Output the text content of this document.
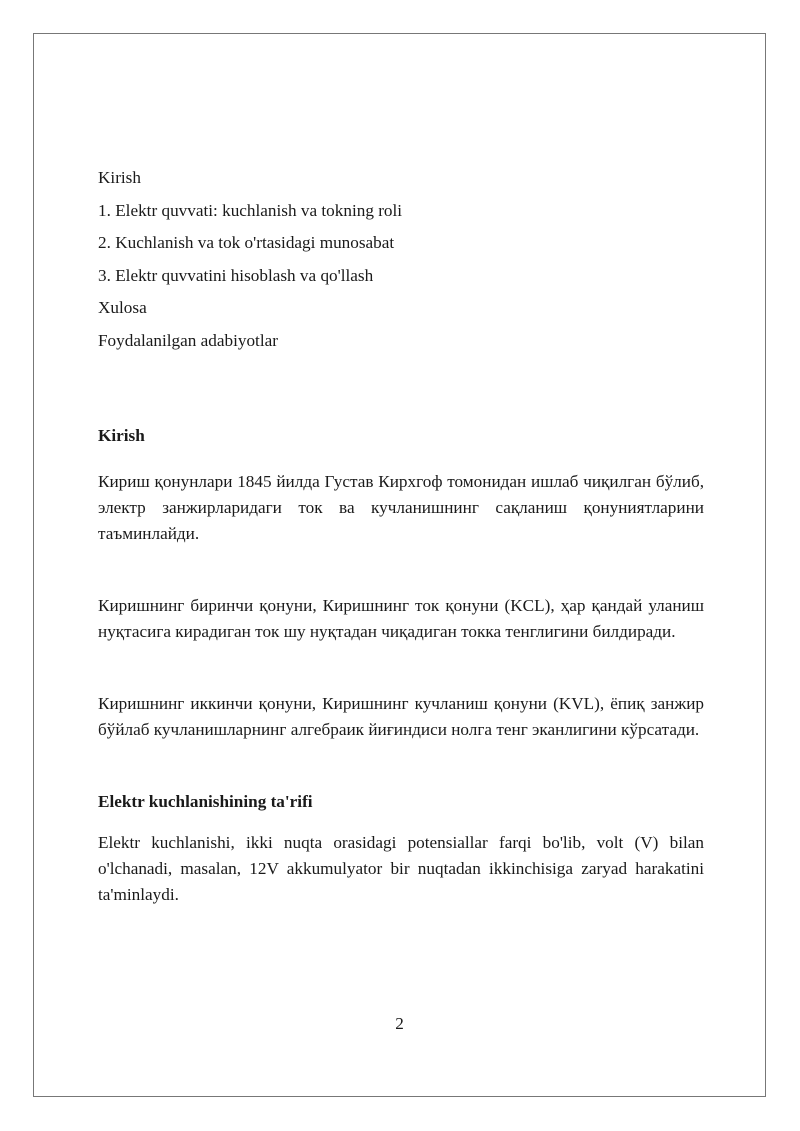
Kirish
1. Elektr quvvati: kuchlanish va tokning roli
2. Kuchlanish va tok o'rtasidagi munosabat
3. Elektr quvvatini hisoblash va qo'llash
Xulosa
Foydalanilgan adabiyotlar
Kirish
Кириш қонунлари 1845 йилда Густав Кирхгоф томонидан ишлаб чиқилган бўлиб, электр занжирларидаги ток ва кучланишнинг сақланиш қонуниятларини таъминлайди.
Киришнинг биринчи қонуни, Киришнинг ток қонуни (KCL), ҳар қандай уланиш нуқтасига кирадиган ток шу нуқтадан чиқадиган токка тенглигини билдиради.
Киришнинг иккинчи қонуни, Киришнинг кучланиш қонуни (KVL), ёпиқ занжир бўйлаб кучланишларнинг алгебраик йиғиндиси нолга тенг эканлигини кўрсатади.
Elektr kuchlanishining ta'rifi
Elektr kuchlanishi, ikki nuqta orasidagi potensiallar farqi bo'lib, volt (V) bilan o'lchanadi, masalan, 12V akkumulyator bir nuqtadan ikkinchisiga zaryad harakatini ta'minlaydi.
2
